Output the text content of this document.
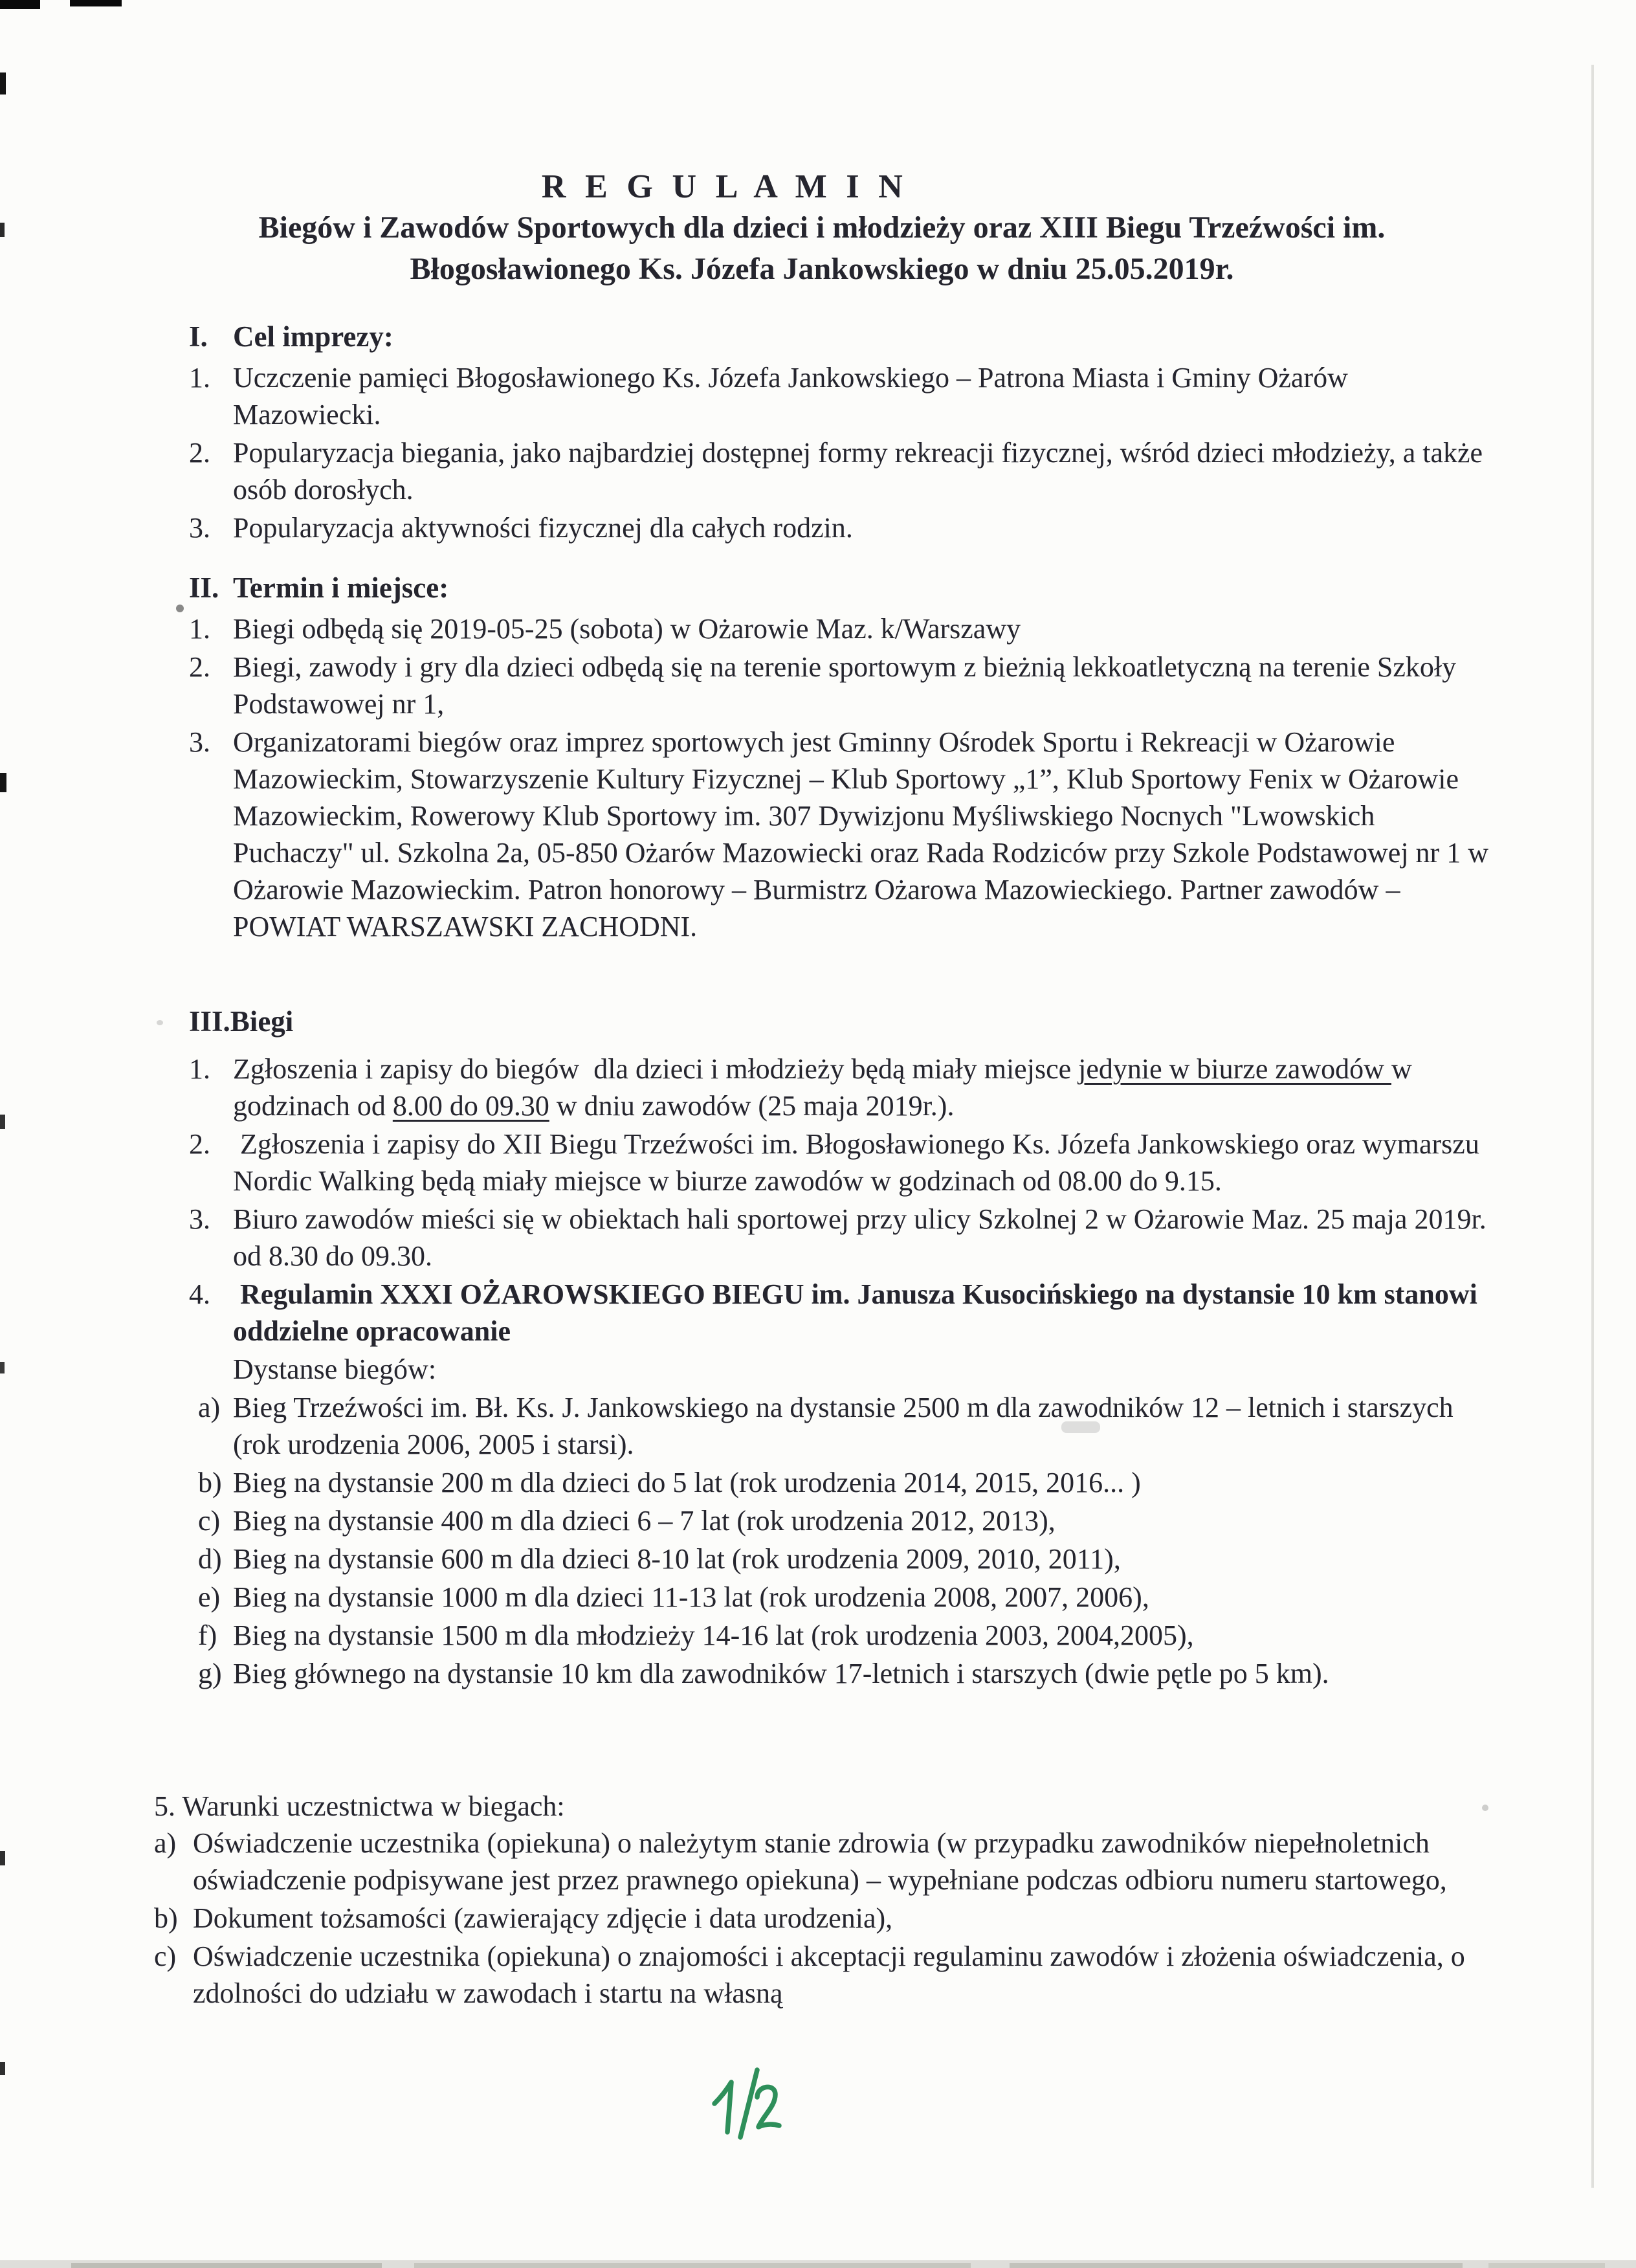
R E G U L A M I N
Biegów i Zawodów Sportowych dla dzieci i młodzieży oraz XIII Biegu Trzeźwości im.
Błogosławionego Ks. Józefa Jankowskiego w dniu 25.05.2019r.
I. Cel imprezy:
1. Uczczenie pamięci Błogosławionego Ks. Józefa Jankowskiego – Patrona Miasta i Gminy Ożarów Mazowiecki.
2. Popularyzacja biegania, jako najbardziej dostępnej formy rekreacji fizycznej, wśród dzieci młodzieży, a także osób dorosłych.
3. Popularyzacja aktywności fizycznej dla całych rodzin.
II. Termin i miejsce:
1. Biegi odbędą się 2019-05-25 (sobota) w Ożarowie Maz. k/Warszawy
2. Biegi, zawody i gry dla dzieci odbędą się na terenie sportowym z bieżnią lekkoatletyczną na terenie Szkoły Podstawowej nr 1,
3. Organizatorami biegów oraz imprez sportowych jest Gminny Ośrodek Sportu i Rekreacji w Ożarowie Mazowieckim, Stowarzyszenie Kultury Fizycznej – Klub Sportowy „1”, Klub Sportowy Fenix w Ożarowie Mazowieckim, Rowerowy Klub Sportowy im. 307 Dywizjonu Myśliwskiego Nocnych "Lwowskich Puchaczy" ul. Szkolna 2a, 05-850 Ożarów Mazowiecki oraz Rada Rodziców przy Szkole Podstawowej nr 1 w Ożarowie Mazowieckim. Patron honorowy – Burmistrz Ożarowa Mazowieckiego. Partner zawodów – POWIAT WARSZAWSKI ZACHODNI.
III.Biegi
1. Zgłoszenia i zapisy do biegów  dla dzieci i młodzieży będą miały miejsce jedynie w biurze zawodów w godzinach od 8.00 do 09.30 w dniu zawodów (25 maja 2019r.).
2. Zgłoszenia i zapisy do XII Biegu Trzeźwości im. Błogosławionego Ks. Józefa Jankowskiego oraz wymarszu Nordic Walking będą miały miejsce w biurze zawodów w godzinach od 08.00 do 9.15.
3. Biuro zawodów mieści się w obiektach hali sportowej przy ulicy Szkolnej 2 w Ożarowie Maz. 25 maja 2019r. od 8.30 do 09.30.
4. Regulamin XXXI OŻAROWSKIEGO BIEGU im. Janusza Kusocińskiego na dystansie 10 km stanowi oddzielne opracowanie
Dystanse biegów:
a) Bieg Trzeźwości im. Bł. Ks. J. Jankowskiego na dystansie 2500 m dla zawodników 12 – letnich i starszych (rok urodzenia 2006, 2005 i starsi).
b) Bieg na dystansie 200 m dla dzieci do 5 lat (rok urodzenia 2014, 2015, 2016... )
c) Bieg na dystansie 400 m dla dzieci 6 – 7 lat (rok urodzenia 2012, 2013),
d) Bieg na dystansie 600 m dla dzieci 8-10 lat (rok urodzenia 2009, 2010, 2011),
e) Bieg na dystansie 1000 m dla dzieci 11-13 lat (rok urodzenia 2008, 2007, 2006),
f) Bieg na dystansie 1500 m dla młodzieży 14-16 lat (rok urodzenia 2003, 2004,2005),
g) Bieg głównego na dystansie 10 km dla zawodników 17-letnich i starszych (dwie pętle po 5 km).
5. Warunki uczestnictwa w biegach:
a) Oświadczenie uczestnika (opiekuna) o należytym stanie zdrowia (w przypadku zawodników niepełnoletnich oświadczenie podpisywane jest przez prawnego opiekuna) – wypełniane podczas odbioru numeru startowego,
b) Dokument tożsamości (zawierający zdjęcie i data urodzenia),
c) Oświadczenie uczestnika (opiekuna) o znajomości i akceptacji regulaminu zawodów i złożenia oświadczenia, o zdolności do udziału w zawodach i startu na własną
